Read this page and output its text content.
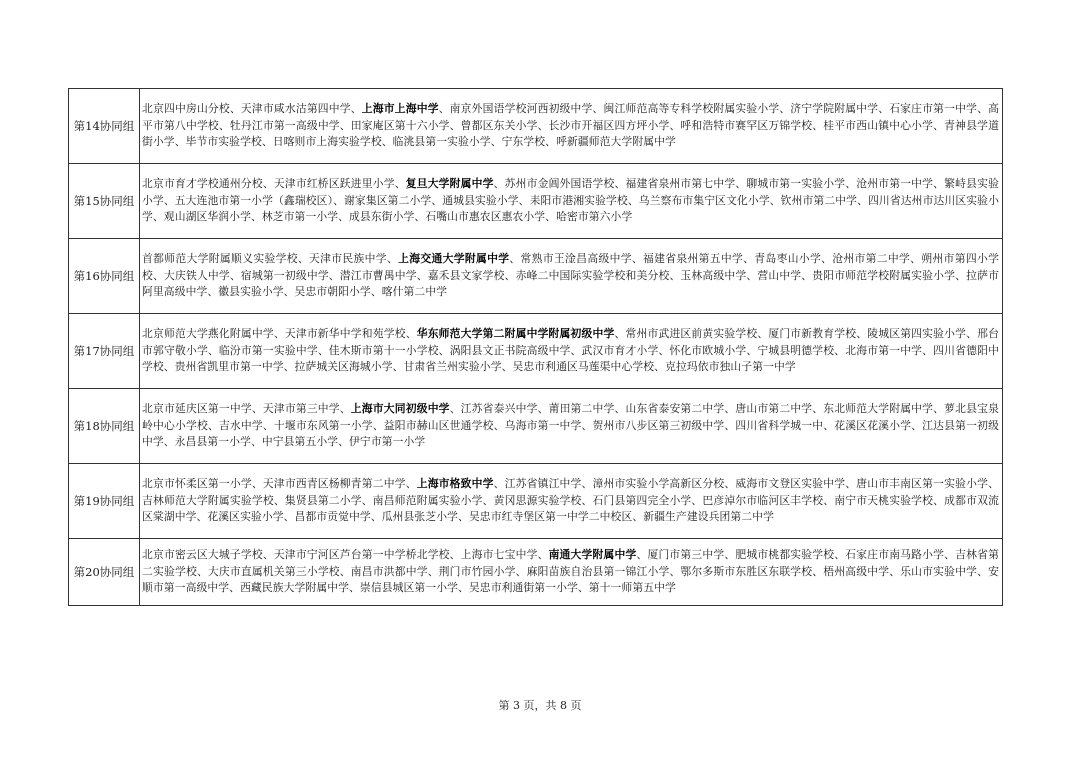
第14协同组	北京四中房山分校、天津市咸水沽第四中学、上海市上海中学、南京外国语学校河西初级中学、闽江师范高等专科学校附属实验小学、济宁学院附属中学、石家庄市第一中学、高平市第八中学校、牡丹江市第一高级中学、田家庵区第十六小学、曾都区东关小学、长沙市开福区四方坪小学、呼和浩特市赛罕区万锦学校、桂平市西山镇中心小学、青神县学道街小学、毕节市实验学校、日喀则市上海实验学校、临洮县第一实验小学、宁东学校、呼新疆师范大学附属中学
第15协同组	北京市育才学校通州分校、天津市红桥区跃进里小学、复旦大学附属中学、苏州市金阊外国语学校、福建省泉州市第七中学、聊城市第一实验小学、沧州市第一中学、繁峙县实验小学、五大连池市第一小学（鑫瑞校区）、谢家集区第二小学、通城县实验小学、耒阳市港湘实验学校、乌兰察布市集宁区文化小学、钦州市第二中学、四川省达州市达川区实验小学、观山湖区华润小学、林芝市第一小学、成县东街小学、石嘴山市惠农区惠农小学、哈密市第六小学
第16协同组	首都师范大学附属顺义实验学校、天津市民族中学、上海交通大学附属中学、常熟市王淦昌高级中学、福建省泉州第五中学、青岛枣山小学、沧州市第二中学、朔州市第四小学校、大庆铁人中学、宿城第一初级中学、潜江市曹禺中学、嘉禾县文家学校、赤峰二中国际实验学校和美分校、玉林高级中学、营山中学、贵阳市师范学校附属实验小学、拉萨市阿里高级中学、徽县实验小学、吴忠市朝阳小学、喀什第二中学
第17协同组	北京师范大学燕化附属中学、天津市新华中学和苑学校、华东师范大学第二附属中学附属初级中学、常州市武进区前黄实验学校、厦门市新教育学校、陵城区第四实验小学、邢台市郭守敬小学、临汾市第一实验中学、佳木斯市第十一小学校、涡阳县文正书院高级中学、武汉市育才小学、怀化市欧城小学、宁城县明德学校、北海市第一中学、四川省德阳中学校、贵州省凯里市第一中学、拉萨城关区海城小学、甘肃省兰州实验小学、吴忠市利通区马莲渠中心学校、克拉玛依市独山子第一中学
第18协同组	北京市延庆区第一中学、天津市第三中学、上海市大同初级中学、江苏省泰兴中学、莆田第二中学、山东省泰安第二中学、唐山市第二中学、东北师范大学附属中学、萝北县宝泉岭中心小学校、吉水中学、十堰市东风第一小学、益阳市赫山区世通学校、乌海市第一中学、贺州市八步区第三初级中学、四川省科学城一中、花溪区花溪小学、江达县第一初级中学、永昌县第一小学、中宁县第五小学、伊宁市第一小学
第19协同组	北京市怀柔区第一小学、天津市西青区杨柳青第二中学、上海市格致中学、江苏省镇江中学、漳州市实验小学高新区分校、威海市文登区实验中学、唐山市丰南区第一实验小学、吉林师范大学附属实验学校、集贤县第二小学、南昌师范附属实验小学、黄冈思源实验学校、石门县第四完全小学、巴彦淖尔市临河区丰学校、南宁市天桃实验学校、成都市双流区棠湖中学、花溪区实验小学、昌都市贡觉中学、瓜州县张芝小学、吴忠市红寺堡区第一中学二中校区、新疆生产建设兵团第二中学
第20协同组	北京市密云区大城子学校、天津市宁河区芦台第一中学桥北学校、上海市七宝中学、南通大学附属中学、厦门市第三中学、肥城市桃都实验学校、石家庄市南马路小学、吉林省第二实验学校、大庆市直属机关第三小学校、南昌市洪都中学、荆门市竹园小学、麻阳苗族自治县第一锦江小学、鄂尔多斯市东胜区东联学校、梧州高级中学、乐山市实验中学、安顺市第一高级中学、西藏民族大学附属中学、崇信县城区第一小学、吴忠市利通街第一小学、第十一师第五中学
第 3 页，共 8 页
